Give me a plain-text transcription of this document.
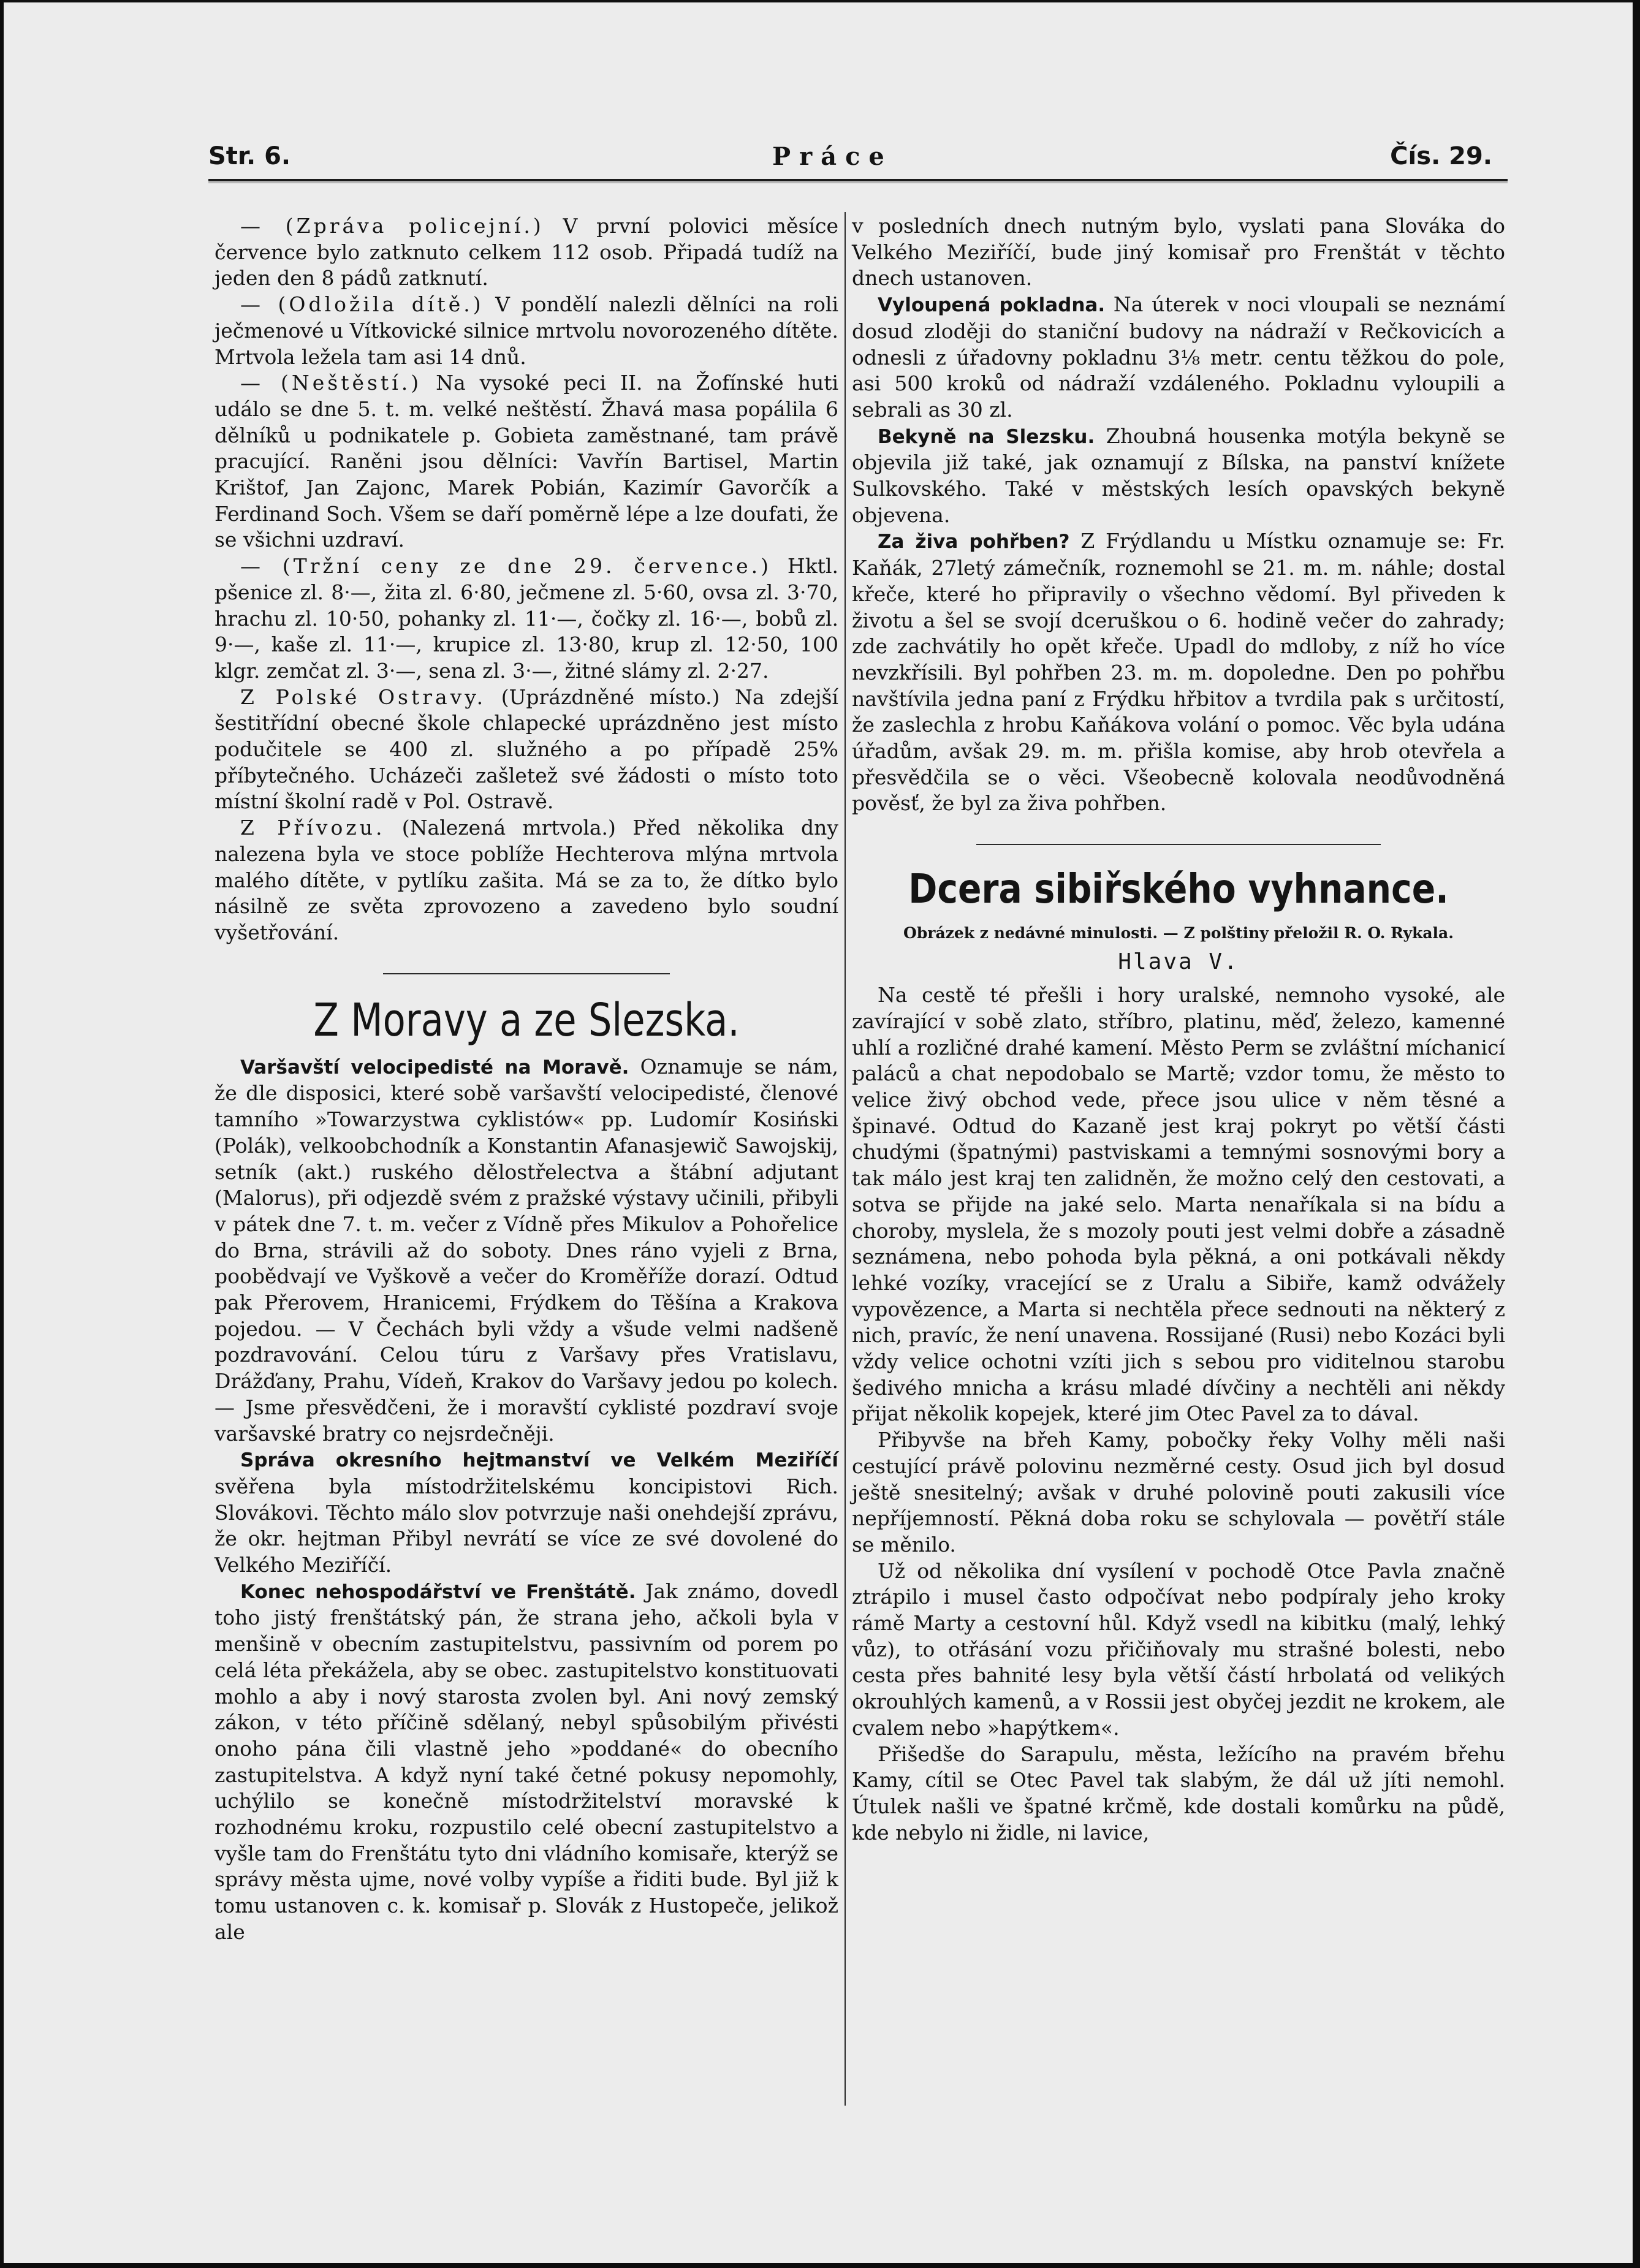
Str. 6.	Práce	Čís. 29.

— (Zpráva policejní.) V první polovici měsíce července bylo zatknuto celkem 112 osob. Připadá tudíž na jeden den 8 pádů zatknutí.

— (Odložila dítě.) V pondělí nalezli dělníci na roli ječmenové u Vítkovické silnice mrtvolu novorozeného dítěte. Mrtvola ležela tam asi 14 dnů.

— (Neštěstí.) Na vysoké peci II. na Žofínské huti událo se dne 5. t. m. velké neštěstí. Žhavá masa popálila 6 dělníků u podnikatele p. Gobieta zaměstnané, tam právě pracující. Raněni jsou dělníci: Vavřín Bartisel, Martin Krištof, Jan Zajonc, Marek Pobián, Kazimír Gavorčík a Ferdinand Soch. Všem se daří poměrně lépe a lze doufati, že se všichni uzdraví.

— (Tržní ceny ze dne 29. července.) Hktl. pšenice zl. 8·—, žita zl. 6·80, ječmene zl. 5·60, ovsa zl. 3·70, hrachu zl. 10·50, pohanky zl. 11·—, čočky zl. 16·—, bobů zl. 9·—, kaše zl. 11·—, krupice zl. 13·80, krup zl. 12·50, 100 klgr. zemčat zl. 3·—, sena zl. 3·—, žitné slámy zl. 2·27.

Z Polské Ostravy. (Uprázdněné místo.) Na zdejší šestitřídní obecné škole chlapecké uprázdněno jest místo podučitele se 400 zl. služného a po případě 25% příbytečného. Ucházeči zašletež své žádosti o místo toto místní školní radě v Pol. Ostravě.

Z Přívozu. (Nalezená mrtvola.) Před několika dny nalezena byla ve stoce poblíže Hechterova mlýna mrtvola malého dítěte, v pytlíku zašita. Má se za to, že dítko bylo násilně ze světa zprovozeno a zavedeno bylo soudní vyšetřování.

Z Moravy a ze Slezska.

Varšavští velocipedisté na Moravě. Oznamuje se nám, že dle disposici, které sobě varšavští velocipedisté, členové tamního »Towarzystwa cyklistów« pp. Ludomír Kosiński (Polák), velkoobchodník a Konstantin Afanasjewič Sawojskij, setník (akt.) ruského dělostřelectva a štábní adjutant (Malorus), při odjezdě svém z pražské výstavy učinili, přibyli v pátek dne 7. t. m. večer z Vídně přes Mikulov a Pohořelice do Brna, strávili až do soboty. Dnes ráno vyjeli z Brna, poobědvají ve Vyškově a večer do Kroměříže dorazí. Odtud pak Přerovem, Hranicemi, Frýdkem do Těšína a Krakova pojedou. — V Čechách byli vždy a všude velmi nadšeně pozdravování. Celou túru z Varšavy přes Vratislavu, Drážďany, Prahu, Vídeň, Krakov do Varšavy jedou po kolech. — Jsme přesvědčeni, že i moravští cyklisté pozdraví svoje varšavské bratry co nejsrdečněji.

Správa okresního hejtmanství ve Velkém Meziříčí svěřena byla místodržitelskému koncipistovi Rich. Slovákovi. Těchto málo slov potvrzuje naši onehdejší zprávu, že okr. hejtman Přibyl nevrátí se více ze své dovolené do Velkého Meziříčí.

Konec nehospodářství ve Frenštátě. Jak známo, dovedl toho jistý frenštátský pán, že strana jeho, ačkoli byla v menšině v obecním zastupitelstvu, passivním od porem po celá léta překážela, aby se obec. zastupitelstvo konstituovati mohlo a aby i nový starosta zvolen byl. Ani nový zemský zákon, v této příčině sdělaný, nebyl spůsobilým přivésti onoho pána čili vlastně jeho »poddané« do obecního zastupitelstva. A když nyní také četné pokusy nepomohly, uchýlilo se konečně místodržitelství moravské k rozhodnému kroku, rozpustilo celé obecní zastupitelstvo a vyšle tam do Frenštátu tyto dni vládního komisaře, kterýž se správy města ujme, nové volby vypíše a řiditi bude. Byl již k tomu ustanoven c. k. komisař p. Slovák z Hustopeče, jelikož ale

v posledních dnech nutným bylo, vyslati pana Slováka do Velkého Meziříčí, bude jiný komisař pro Frenštát v těchto dnech ustanoven.

Vyloupená pokladna. Na úterek v noci vloupali se neznámí dosud zloději do staniční budovy na nádraží v Rečkovicích a odnesli z úřadovny pokladnu 3⅛ metr. centu těžkou do pole, asi 500 kroků od nádraží vzdáleného. Pokladnu vyloupili a sebrali as 30 zl.

Bekyně na Slezsku. Zhoubná housenka motýla bekyně se objevila již také, jak oznamují z Bílska, na panství knížete Sulkovského. Také v městských lesích opavských bekyně objevena.

Za živa pohřben? Z Frýdlandu u Místku oznamuje se: Fr. Kaňák, 27letý zámečník, roznemohl se 21. m. m. náhle; dostal křeče, které ho připravily o všechno vědomí. Byl přiveden k životu a šel se svojí dceruškou o 6. hodině večer do zahrady; zde zachvátily ho opět křeče. Upadl do mdloby, z níž ho více nevzkřísili. Byl pohřben 23. m. m. dopoledne. Den po pohřbu navštívila jedna paní z Frýdku hřbitov a tvrdila pak s určitostí, že zaslechla z hrobu Kaňákova volání o pomoc. Věc byla udána úřadům, avšak 29. m. m. přišla komise, aby hrob otevřela a přesvědčila se o věci. Všeobecně kolovala neodůvodněná pověsť, že byl za živa pohřben.

Dcera sibiřského vyhnance.

Obrázek z nedávné minulosti. — Z polštiny přeložil R. O. Rykala.

Hlava V.

Na cestě té přešli i hory uralské, nemnoho vysoké, ale zavírající v sobě zlato, stříbro, platinu, měď, železo, kamenné uhlí a rozličné drahé kamení. Město Perm se zvláštní míchanicí paláců a chat nepodobalo se Martě; vzdor tomu, že město to velice živý obchod vede, přece jsou ulice v něm těsné a špinavé. Odtud do Kazaně jest kraj pokryt po větší části chudými (špatnými) pastviskami a temnými sosnovými bory a tak málo jest kraj ten zalidněn, že možno celý den cestovati, a sotva se přijde na jaké selo. Marta nenaříkala si na bídu a choroby, myslela, že s mozoly pouti jest velmi dobře a zásadně seznámena, nebo pohoda byla pěkná, a oni potkávali někdy lehké vozíky, vracející se z Uralu a Sibiře, kamž odvážely vypovězence, a Marta si nechtěla přece sednouti na některý z nich, pravíc, že není unavena. Rossijané (Rusi) nebo Kozáci byli vždy velice ochotni vzíti jich s sebou pro viditelnou starobu šedivého mnicha a krásu mladé dívčiny a nechtěli ani někdy přijat několik kopejek, které jim Otec Pavel za to dával.

Přibyvše na břeh Kamy, pobočky řeky Volhy měli naši cestující právě polovinu nezměrné cesty. Osud jich byl dosud ještě snesitelný; avšak v druhé polovině pouti zakusili více nepříjemností. Pěkná doba roku se schylovala — povětří stále se měnilo.

Už od několika dní vysílení v pochodě Otce Pavla značně ztrápilo i musel často odpočívat nebo podpíraly jeho kroky rámě Marty a cestovní hůl. Když vsedl na kibitku (malý, lehký vůz), to otřásání vozu přičiňovaly mu strašné bolesti, nebo cesta přes bahnité lesy byla větší částí hrbolatá od velikých okrouhlých kamenů, a v Rossii jest obyčej jezdit ne krokem, ale cvalem nebo »hapýtkem«.

Přišedše do Sarapulu, města, ležícího na pravém břehu Kamy, cítil se Otec Pavel tak slabým, že dál už jíti nemohl. Útulek našli ve špatné krčmě, kde dostali komůrku na půdě, kde nebylo ni židle, ni lavice,
